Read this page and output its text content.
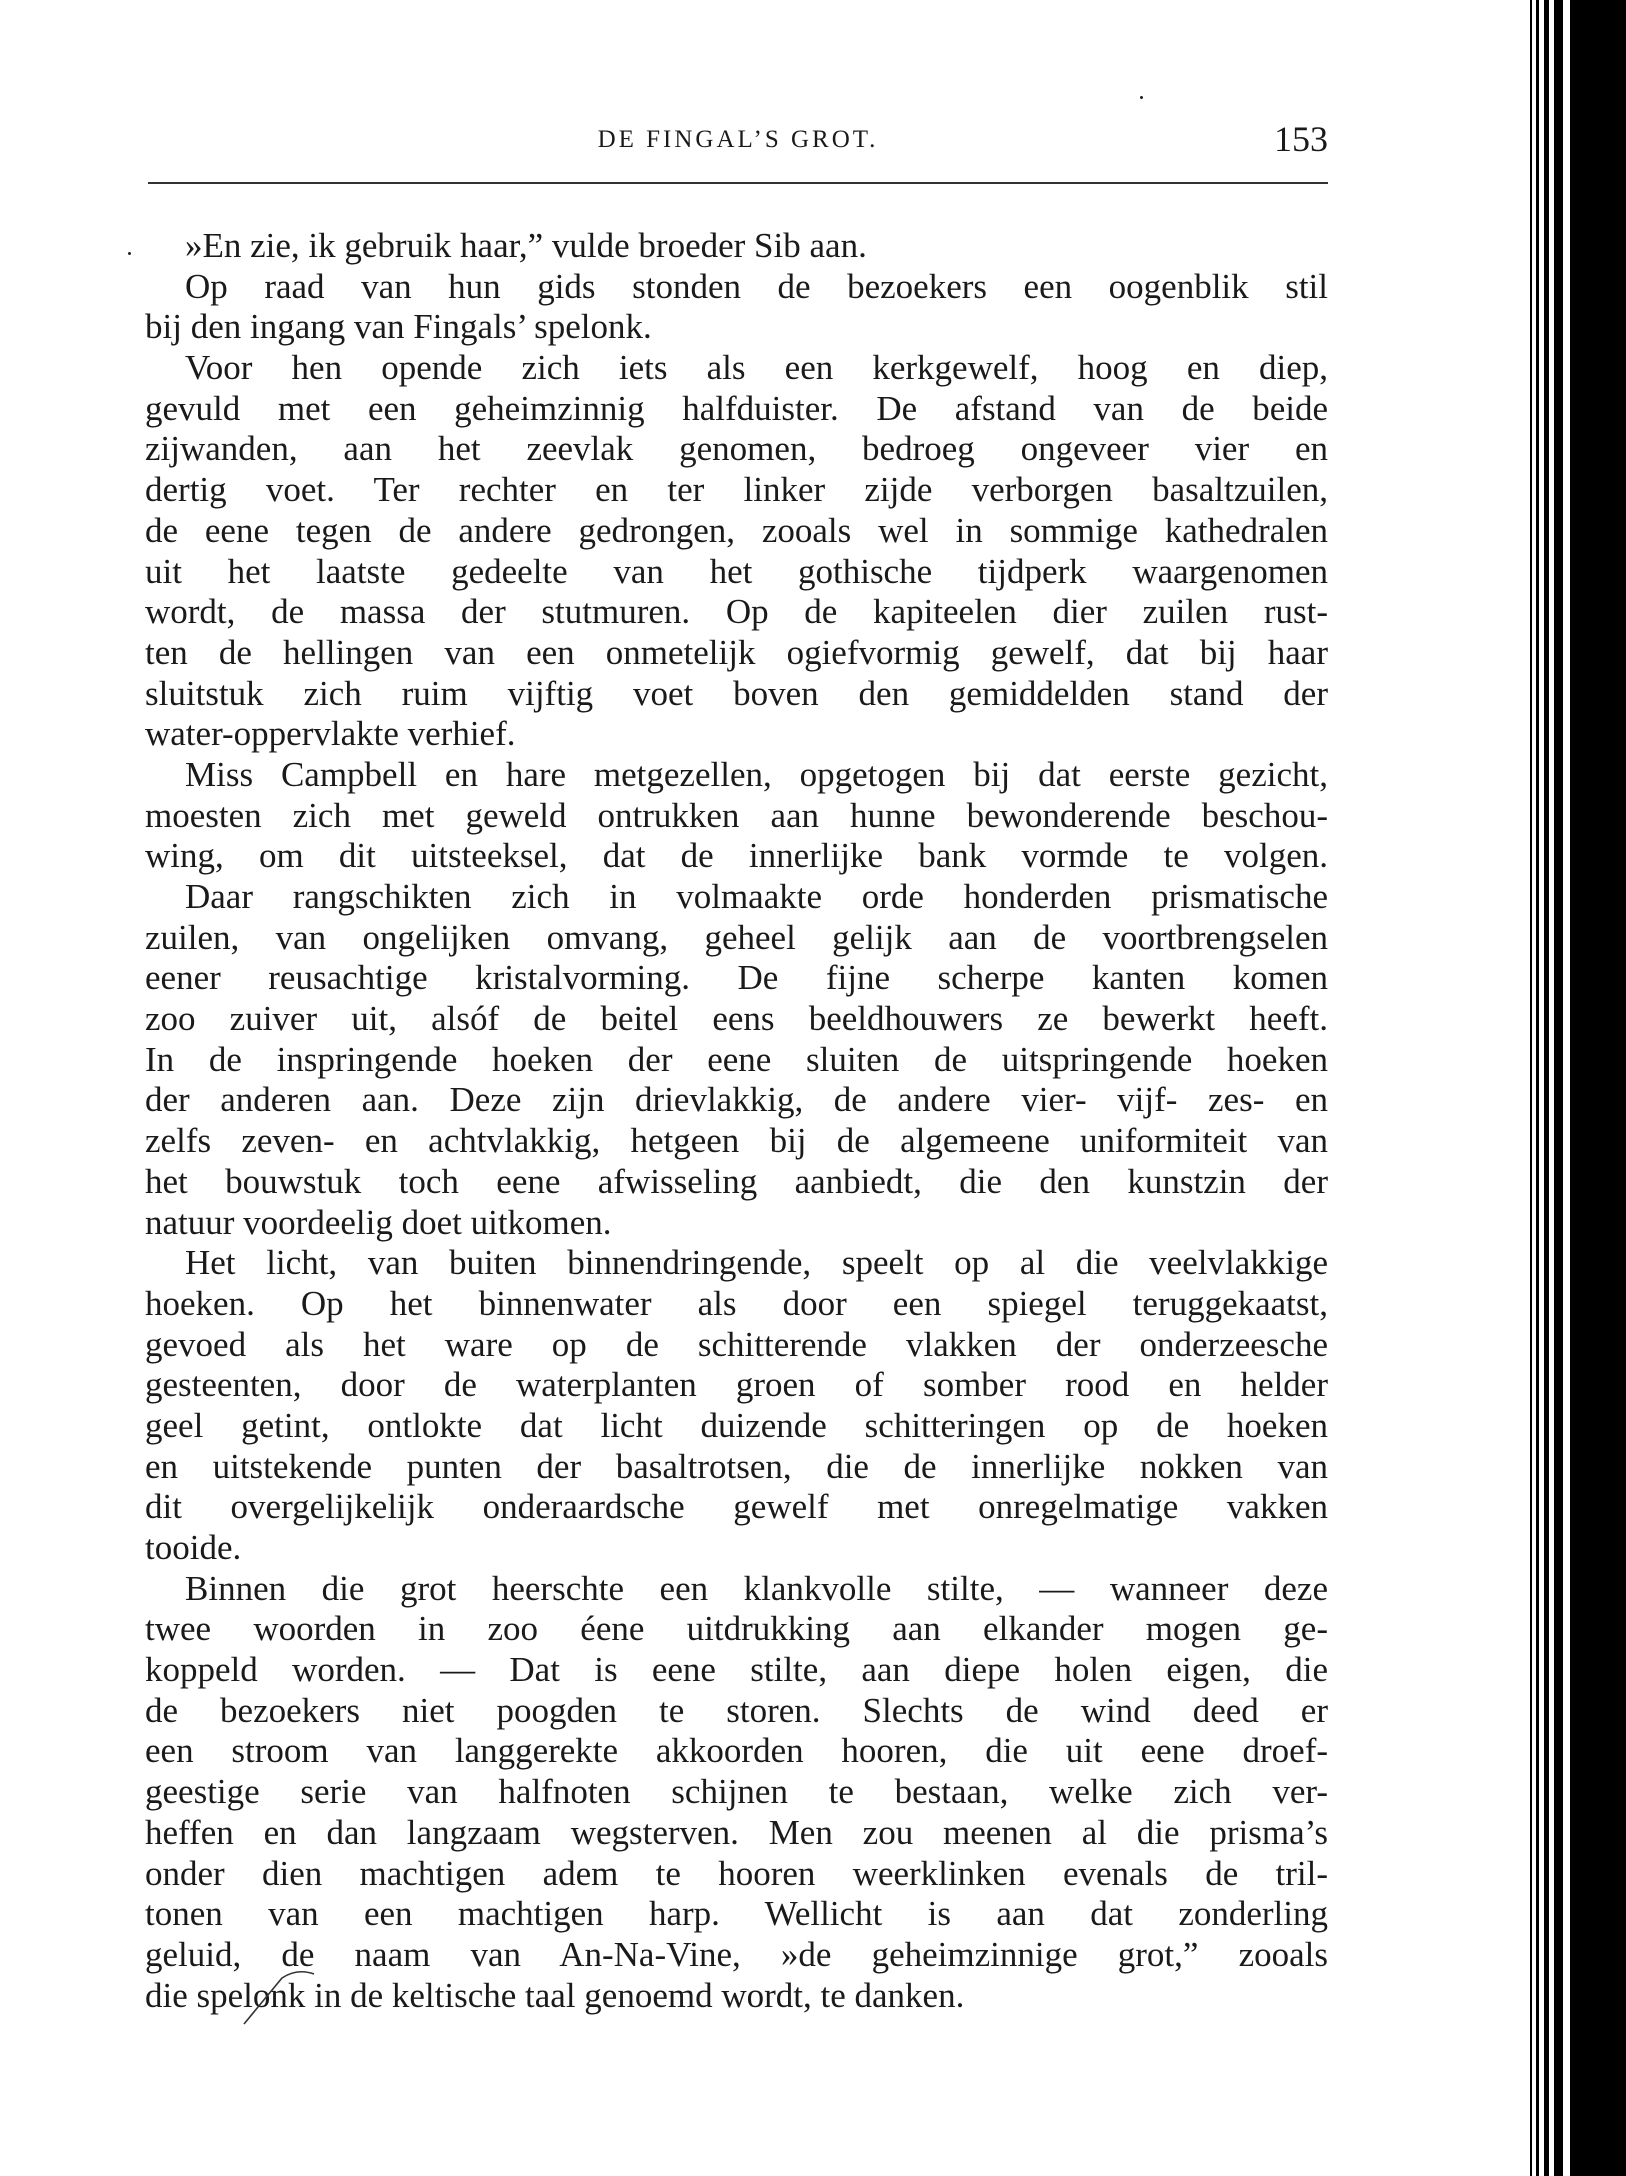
DE FINGAL’S GROT.	153
»En zie, ik gebruik haar,” vulde broeder Sib aan.
Op raad van hun gids stonden de bezoekers een oogenblik stil
bij den ingang van Fingals’ spelonk.
Voor hen opende zich iets als een kerkgewelf, hoog en diep,
gevuld met een geheimzinnig halfduister. De afstand van de beide
zijwanden, aan het zeevlak genomen, bedroeg ongeveer vier en
dertig voet. Ter rechter en ter linker zijde verborgen basaltzuilen,
de eene tegen de andere gedrongen, zooals wel in sommige kathedralen
uit het laatste gedeelte van het gothische tijdperk waargenomen
wordt, de massa der stutmuren. Op de kapiteelen dier zuilen rust-
ten de hellingen van een onmetelijk ogiefvormig gewelf, dat bij haar
sluitstuk zich ruim vijftig voet boven den gemiddelden stand der
water-oppervlakte verhief.
Miss Campbell en hare metgezellen, opgetogen bij dat eerste gezicht,
moesten zich met geweld ontrukken aan hunne bewonderende beschou-
wing, om dit uitsteeksel, dat de innerlijke bank vormde te volgen.
Daar rangschikten zich in volmaakte orde honderden prismatische
zuilen, van ongelijken omvang, geheel gelijk aan de voortbrengselen
eener reusachtige kristalvorming. De fijne scherpe kanten komen
zoo zuiver uit, alsóf de beitel eens beeldhouwers ze bewerkt heeft.
In de inspringende hoeken der eene sluiten de uitspringende hoeken
der anderen aan. Deze zijn drievlakkig, de andere vier- vijf- zes- en
zelfs zeven- en achtvlakkig, hetgeen bij de algemeene uniformiteit van
het bouwstuk toch eene afwisseling aanbiedt, die den kunstzin der
natuur voordeelig doet uitkomen.
Het licht, van buiten binnendringende, speelt op al die veelvlakkige
hoeken. Op het binnenwater als door een spiegel teruggekaatst,
gevoed als het ware op de schitterende vlakken der onderzeesche
gesteenten, door de waterplanten groen of somber rood en helder
geel getint, ontlokte dat licht duizende schitteringen op de hoeken
en uitstekende punten der basaltrotsen, die de innerlijke nokken van
dit overgelijkelijk onderaardsche gewelf met onregelmatige vakken
tooide.
Binnen die grot heerschte een klankvolle stilte, — wanneer deze
twee woorden in zoo éene uitdrukking aan elkander mogen ge-
koppeld worden. — Dat is eene stilte, aan diepe holen eigen, die
de bezoekers niet poogden te storen. Slechts de wind deed er
een stroom van langgerekte akkoorden hooren, die uit eene droef-
geestige serie van halfnoten schijnen te bestaan, welke zich ver-
heffen en dan langzaam wegsterven. Men zou meenen al die prisma’s
onder dien machtigen adem te hooren weerklinken evenals de tril-
tonen van een machtigen harp. Wellicht is aan dat zonderling
geluid, de naam van An-Na-Vine, »de geheimzinnige grot,” zooals
die spelonk in de keltische taal genoemd wordt, te danken.
